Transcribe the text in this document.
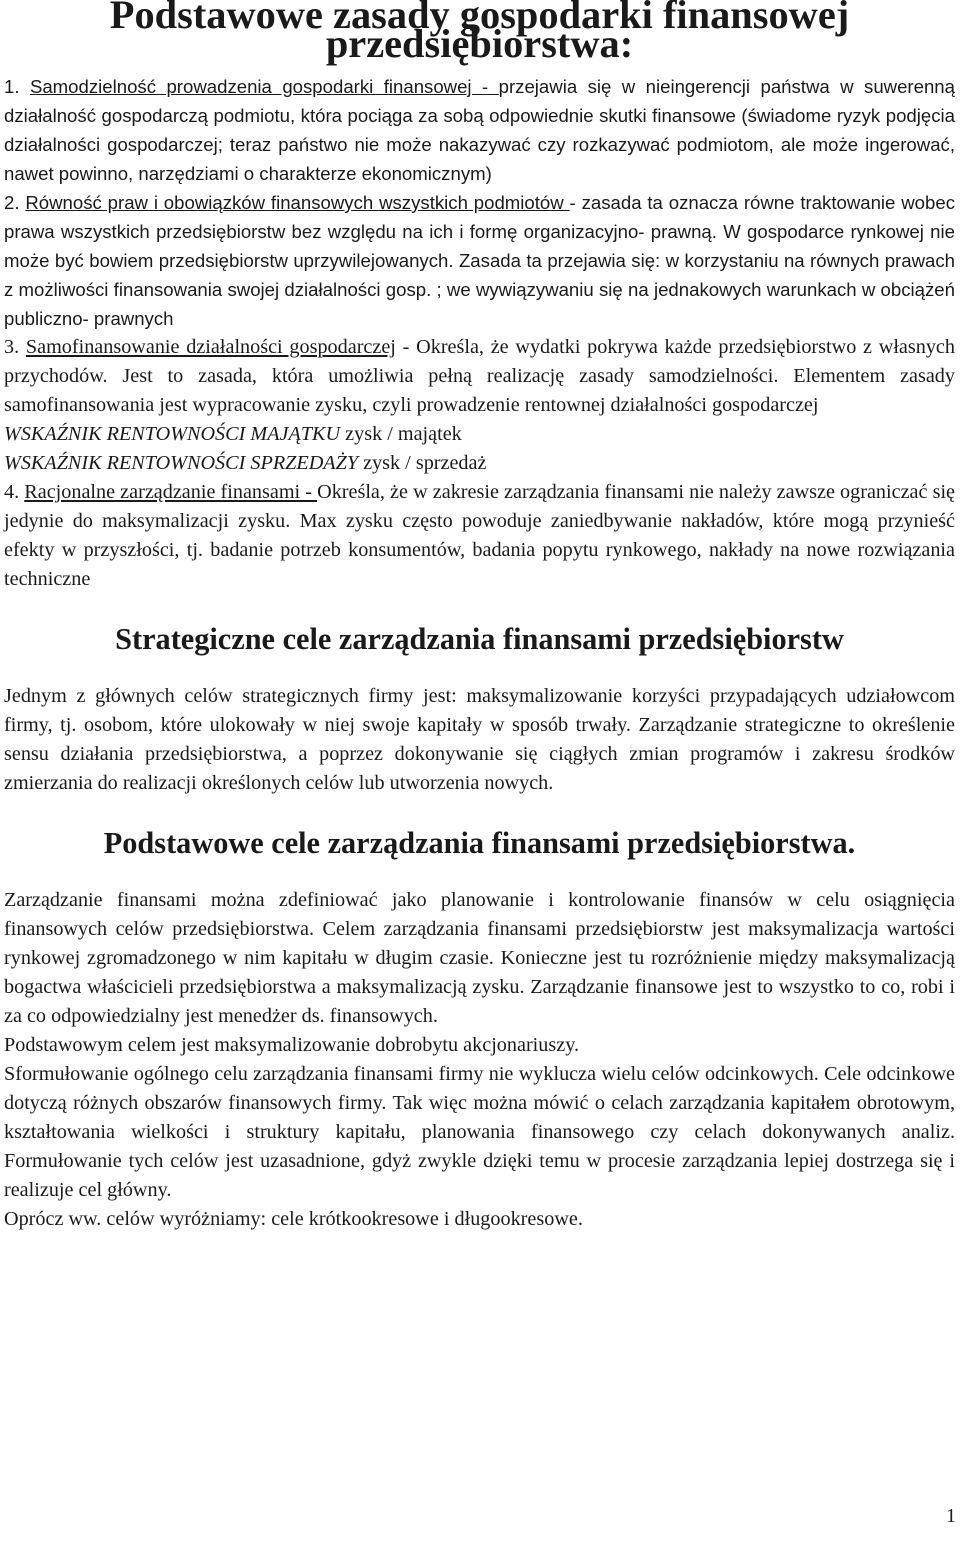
Podstawowe zasady gospodarki finansowej przedsiębiorstwa:

1. Samodzielność prowadzenia gospodarki finansowej - przejawia się w nieingerencji państwa w suwerenną działalność gospodarczą podmiotu, która pociąga za sobą odpowiednie skutki finansowe (świadome ryzyk podjęcia działalności gospodarczej; teraz państwo nie może nakazywać czy rozkazywać podmiotom, ale może ingerować, nawet powinno, narzędziami o charakterze ekonomicznym)

2. Równość praw i obowiązków finansowych wszystkich podmiotów - zasada ta oznacza równe traktowanie wobec prawa wszystkich przedsiębiorstw bez względu na ich i formę organizacyjno- prawną. W gospodarce rynkowej nie może być bowiem przedsiębiorstw uprzywilejowanych. Zasada ta przejawia się: w korzystaniu na równych prawach z możliwości finansowania swojej działalności gosp. ; we wywiązywaniu się na jednakowych warunkach w obciążeń publiczno- prawnych

3. Samofinansowanie działalności gospodarczej - Określa, że wydatki pokrywa każde przedsiębiorstwo z własnych przychodów. Jest to zasada, która umożliwia pełną realizację zasady samodzielności. Elementem zasady samofinansowania jest wypracowanie zysku, czyli prowadzenie rentownej działalności gospodarczej

WSKAŹNIK RENTOWNOŚCI MAJĄTKU zysk / majątek

WSKAŹNIK RENTOWNOŚCI SPRZEDAŻY zysk / sprzedaż

4. Racjonalne zarządzanie finansami - Określa, że w zakresie zarządzania finansami nie należy zawsze ograniczać się jedynie do maksymalizacji zysku. Max zysku często powoduje zaniedbywanie nakładów, które mogą przynieść efekty w przyszłości, tj. badanie potrzeb konsumentów, badania popytu rynkowego, nakłady na nowe rozwiązania techniczne

Strategiczne cele zarządzania finansami przedsiębiorstw

Jednym z głównych celów strategicznych firmy jest: maksymalizowanie korzyści przypadających udziałowcom firmy, tj. osobom, które ulokowały w niej swoje kapitały w sposób trwały. Zarządzanie strategiczne to określenie sensu działania przedsiębiorstwa, a poprzez dokonywanie się ciągłych zmian programów i zakresu środków zmierzania do realizacji określonych celów lub utworzenia nowych.

Podstawowe cele zarządzania finansami przedsiębiorstwa.

Zarządzanie finansami można zdefiniować jako planowanie i kontrolowanie finansów w celu osiągnięcia finansowych celów przedsiębiorstwa. Celem zarządzania finansami przedsiębiorstw jest maksymalizacja wartości rynkowej zgromadzonego w nim kapitału w długim czasie. Konieczne jest tu rozróżnienie między maksymalizacją bogactwa właścicieli przedsiębiorstwa a maksymalizacją zysku. Zarządzanie finansowe jest to wszystko to co, robi i za co odpowiedzialny jest menedżer ds. finansowych.

Podstawowym celem jest maksymalizowanie dobrobytu akcjonariuszy.

Sformułowanie ogólnego celu zarządzania finansami firmy nie wyklucza wielu celów odcinkowych. Cele odcinkowe dotyczą różnych obszarów finansowych firmy. Tak więc można mówić o celach zarządzania kapitałem obrotowym, kształtowania wielkości i struktury kapitału, planowania finansowego czy celach dokonywanych analiz. Formułowanie tych celów jest uzasadnione, gdyż zwykle dzięki temu w procesie zarządzania lepiej dostrzega się i realizuje cel główny.

Oprócz ww. celów wyróżniamy: cele krótkookresowe i długookresowe.

1
